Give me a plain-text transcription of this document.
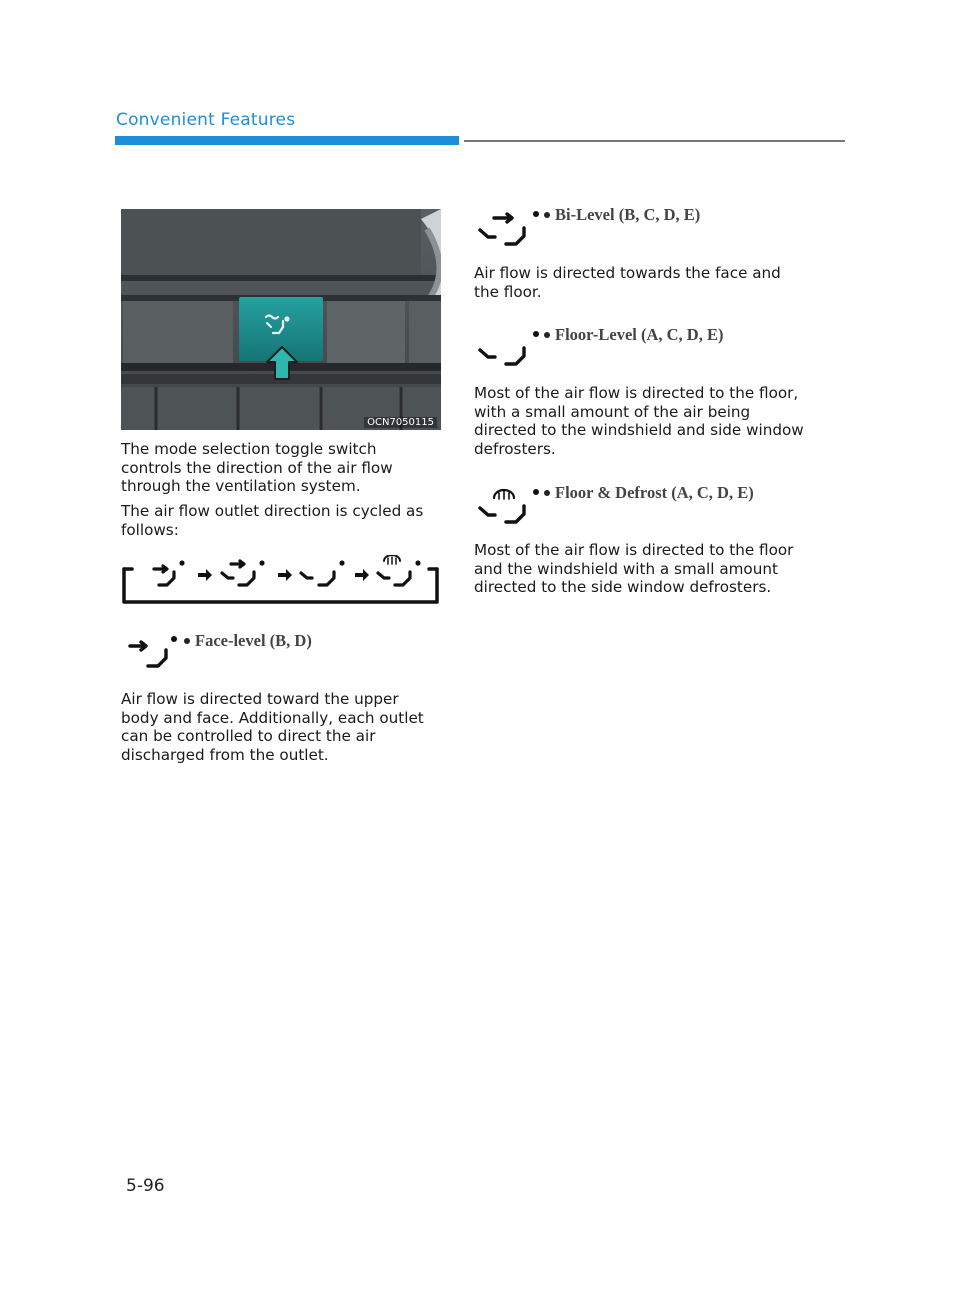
Convenient Features
OCN7050115

The mode selection toggle switch controls the direction of the air flow through the ventilation system.

The air flow outlet direction is cycled as follows:

Face-level (B, D)

Air flow is directed toward the upper body and face. Additionally, each outlet can be controlled to direct the air discharged from the outlet.

Bi-Level (B, C, D, E)

Air flow is directed towards the face and the floor.

Floor-Level (A, C, D, E)

Most of the air flow is directed to the floor, with a small amount of the air being directed to the windshield and side window defrosters.

Floor & Defrost (A, C, D, E)

Most of the air flow is directed to the floor and the windshield with a small amount directed to the side window defrosters.

5-96
